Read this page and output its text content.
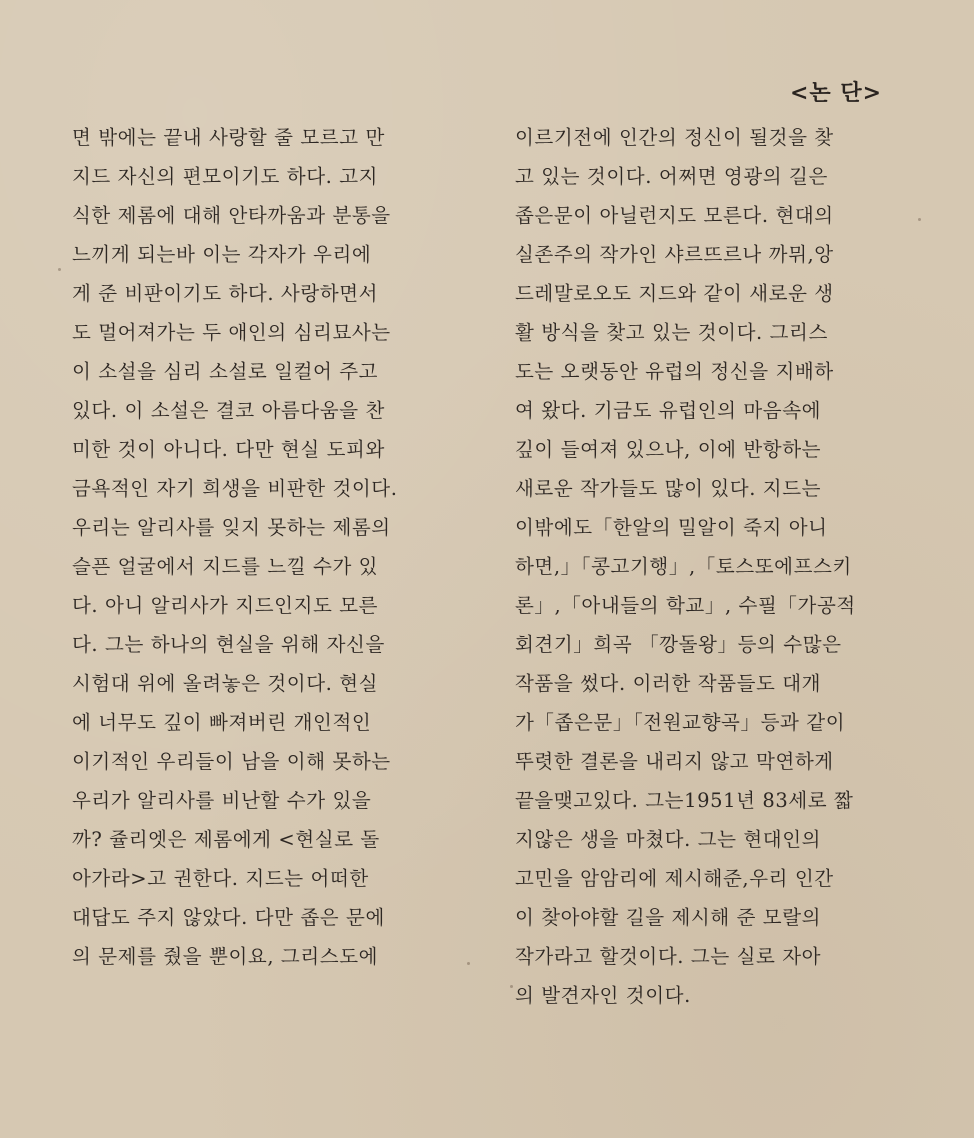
<논 단>
면 밖에는 끝내 사랑할 줄 모르고 만
지드 자신의 편모이기도 하다. 고지
식한 제롬에 대해 안타까움과 분통을
느끼게 되는바 이는 각자가 우리에
게 준 비판이기도 하다. 사랑하면서
도 멀어져가는 두 애인의 심리묘사는
이 소설을 심리 소설로 일컬어 주고
있다. 이 소설은 결코 아름다움을 찬
미한 것이 아니다. 다만 현실 도피와
금욕적인 자기 희생을 비판한 것이다.
우리는 알리사를 잊지 못하는 제롬의
슬픈 얼굴에서 지드를 느낄 수가 있
다. 아니 알리사가 지드인지도 모른
다. 그는 하나의 현실을 위해 자신을
시험대 위에 올려놓은 것이다. 현실
에 너무도 깊이 빠져버린 개인적인
이기적인 우리들이 남을 이해 못하는
우리가 알리사를 비난할 수가 있을
까? 쥴리엣은 제롬에게 <현실로 돌
아가라>고 권한다. 지드는 어떠한
대답도 주지 않았다. 다만 좁은 문에
의 문제를 줬을 뿐이요, 그리스도에
이르기전에 인간의 정신이 될것을 찾
고 있는 것이다. 어쩌면 영광의 길은
좁은문이 아닐런지도 모른다. 현대의
실존주의 작가인 샤르뜨르나 까뮈,앙
드레말로오도 지드와 같이 새로운 생
활 방식을 찾고 있는 것이다. 그리스
도는 오랫동안 유럽의 정신을 지배하
여 왔다. 기금도 유럽인의 마음속에
깊이 들여져 있으나, 이에 반항하는
새로운 작가들도 많이 있다. 지드는
이밖에도「한알의 밀알이 죽지 아니
하면,」「콩고기행」,「토스또에프스키
론」,「아내들의 학교」, 수필「가공적
회견기」희곡 「깡돌왕」등의 수많은
작품을 썼다. 이러한 작품들도 대개
가「좁은문」「전원교향곡」등과 같이
뚜렷한 결론을 내리지 않고 막연하게
끝을맺고있다. 그는1951년 83세로 짧
지않은 생을 마쳤다. 그는 현대인의
고민을 암암리에 제시해준,우리 인간
이 찾아야할 길을 제시해 준 모랄의
작가라고 할것이다. 그는 실로 자아
의 발견자인 것이다.
